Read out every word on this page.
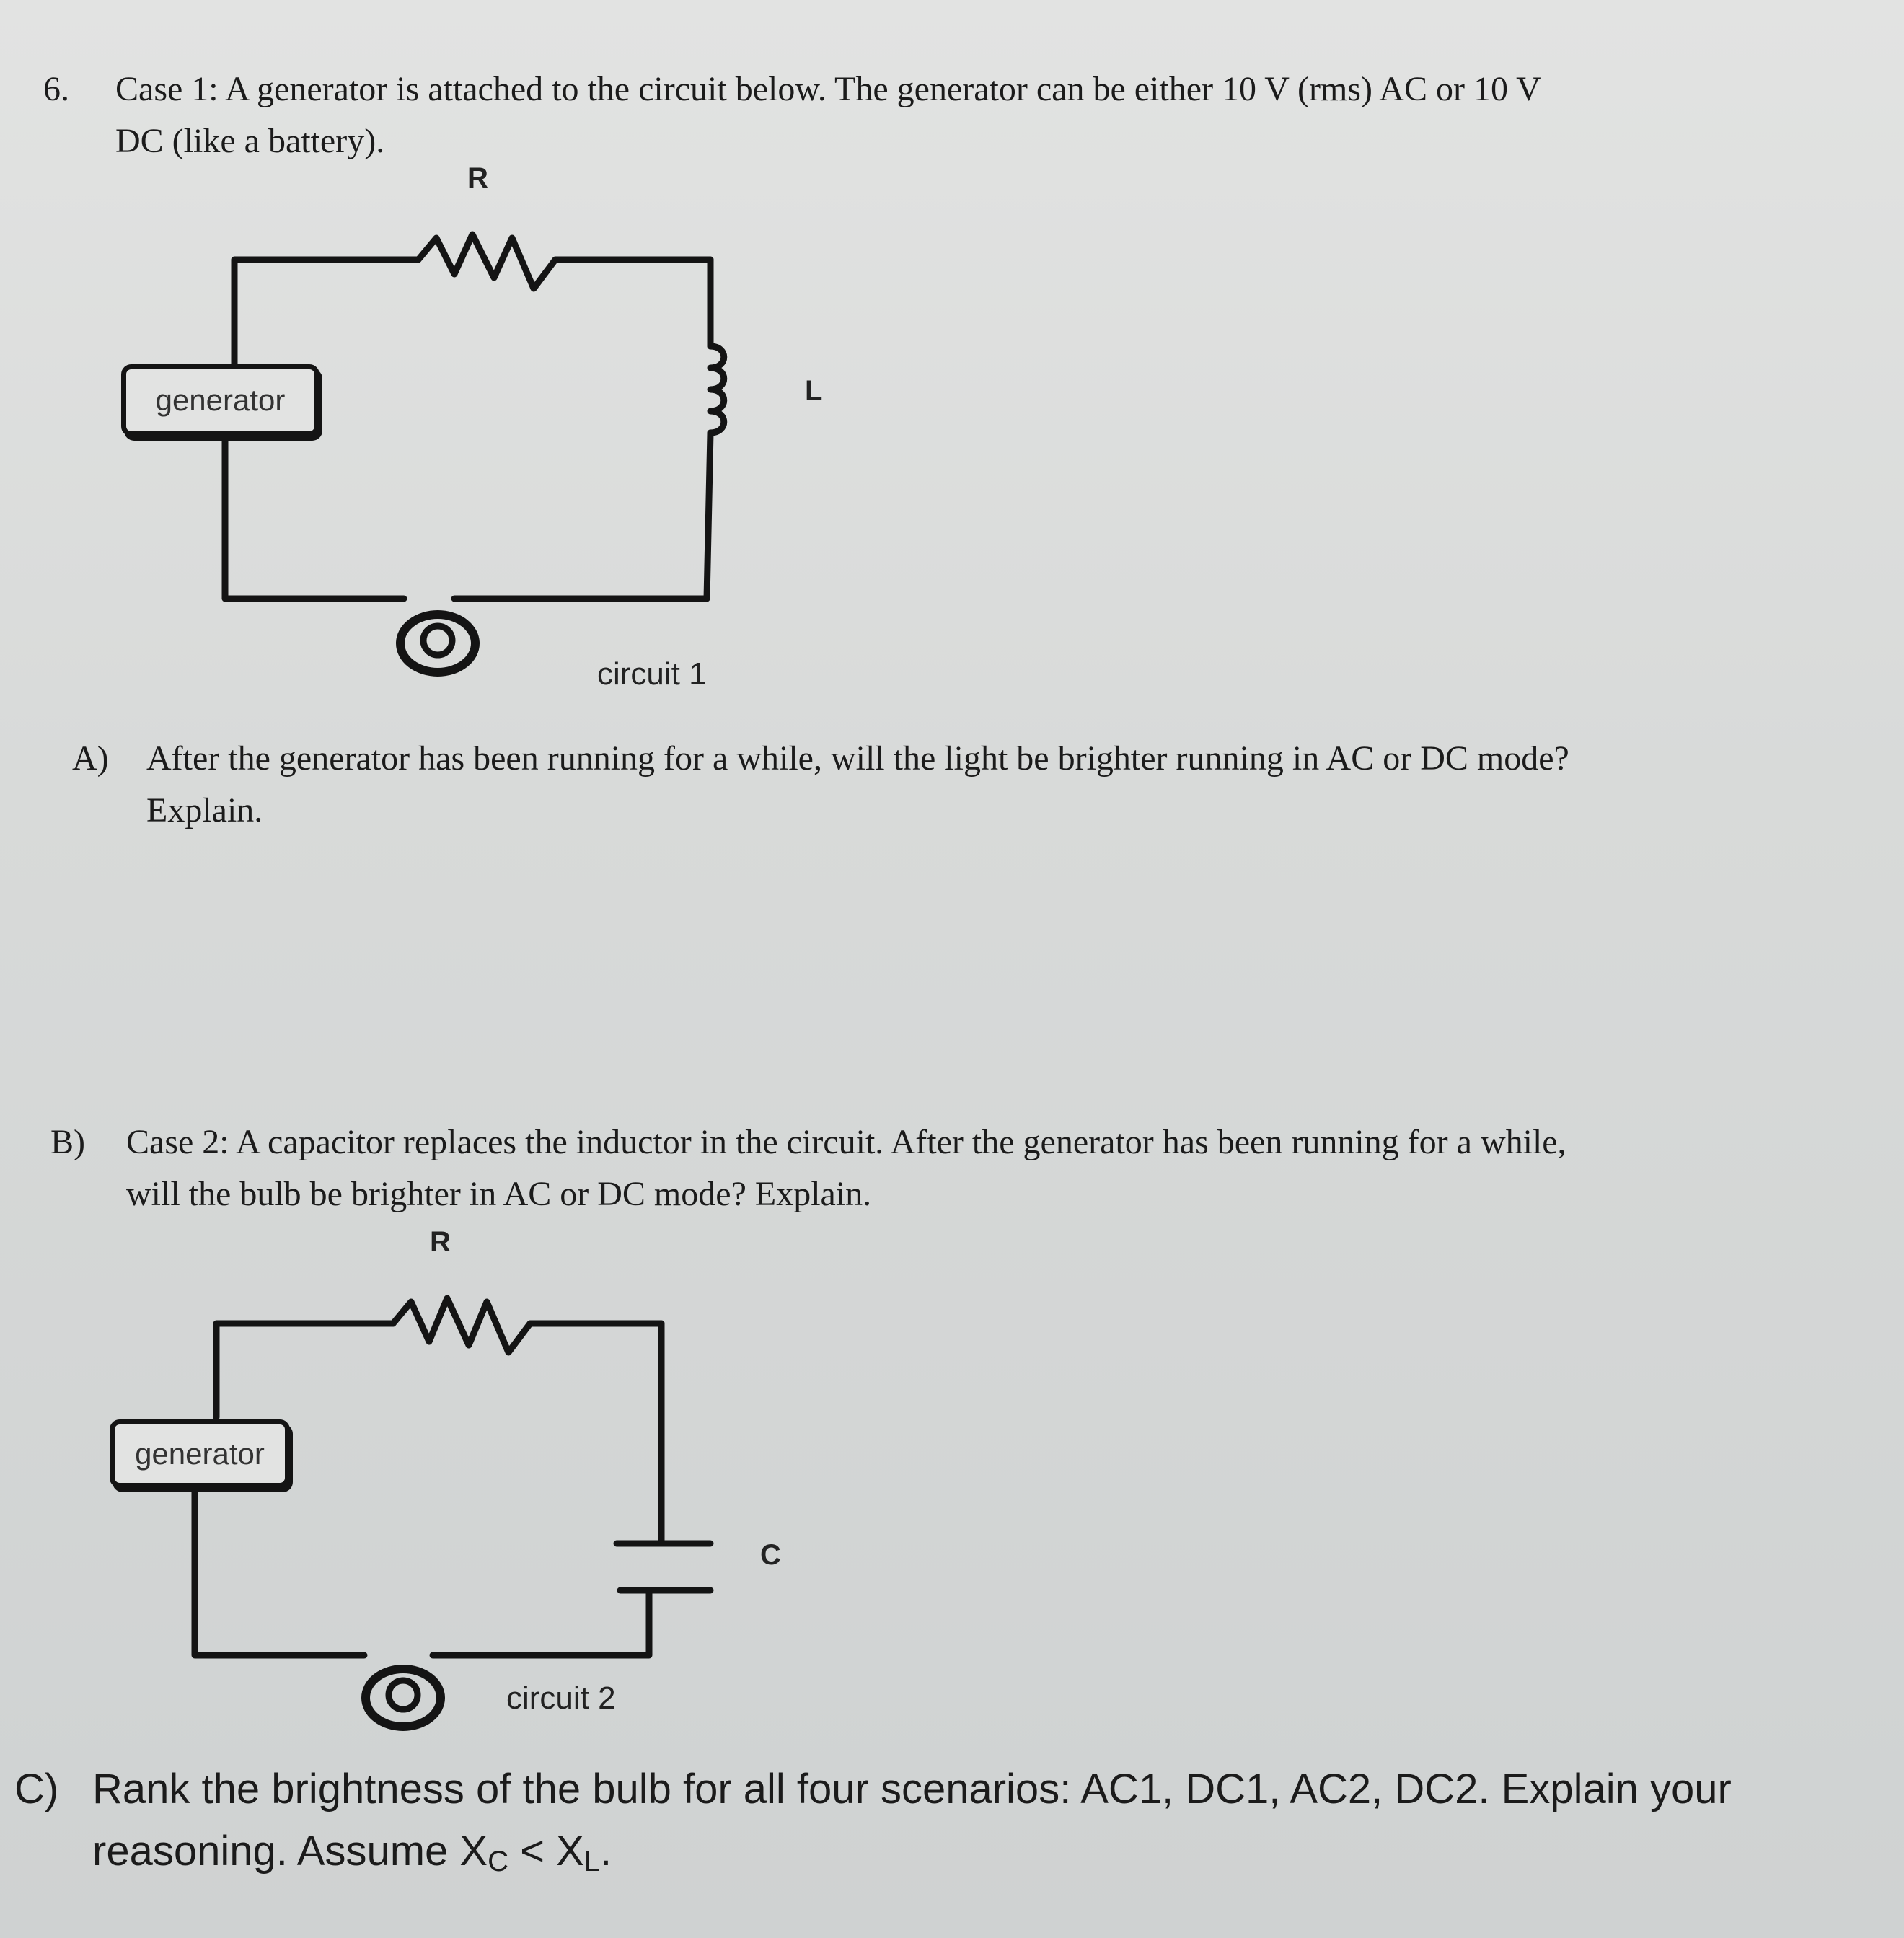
6. Case 1: A generator is attached to the circuit below. The generator can be either 10 V (rms) AC or 10 V
DC (like a battery).
R
generator	L
circuit 1
A) After the generator has been running for a while, will the light be brighter running in AC or DC mode?
Explain.
B) Case 2: A capacitor replaces the inductor in the circuit. After the generator has been running for a while,
will the bulb be brighter in AC or DC mode? Explain.
R
generator
C
circuit 2
C) Rank the brightness of the bulb for all four scenarios: AC1, DC1, AC2, DC2. Explain your
reasoning. Assume $X_C < X_L$.
